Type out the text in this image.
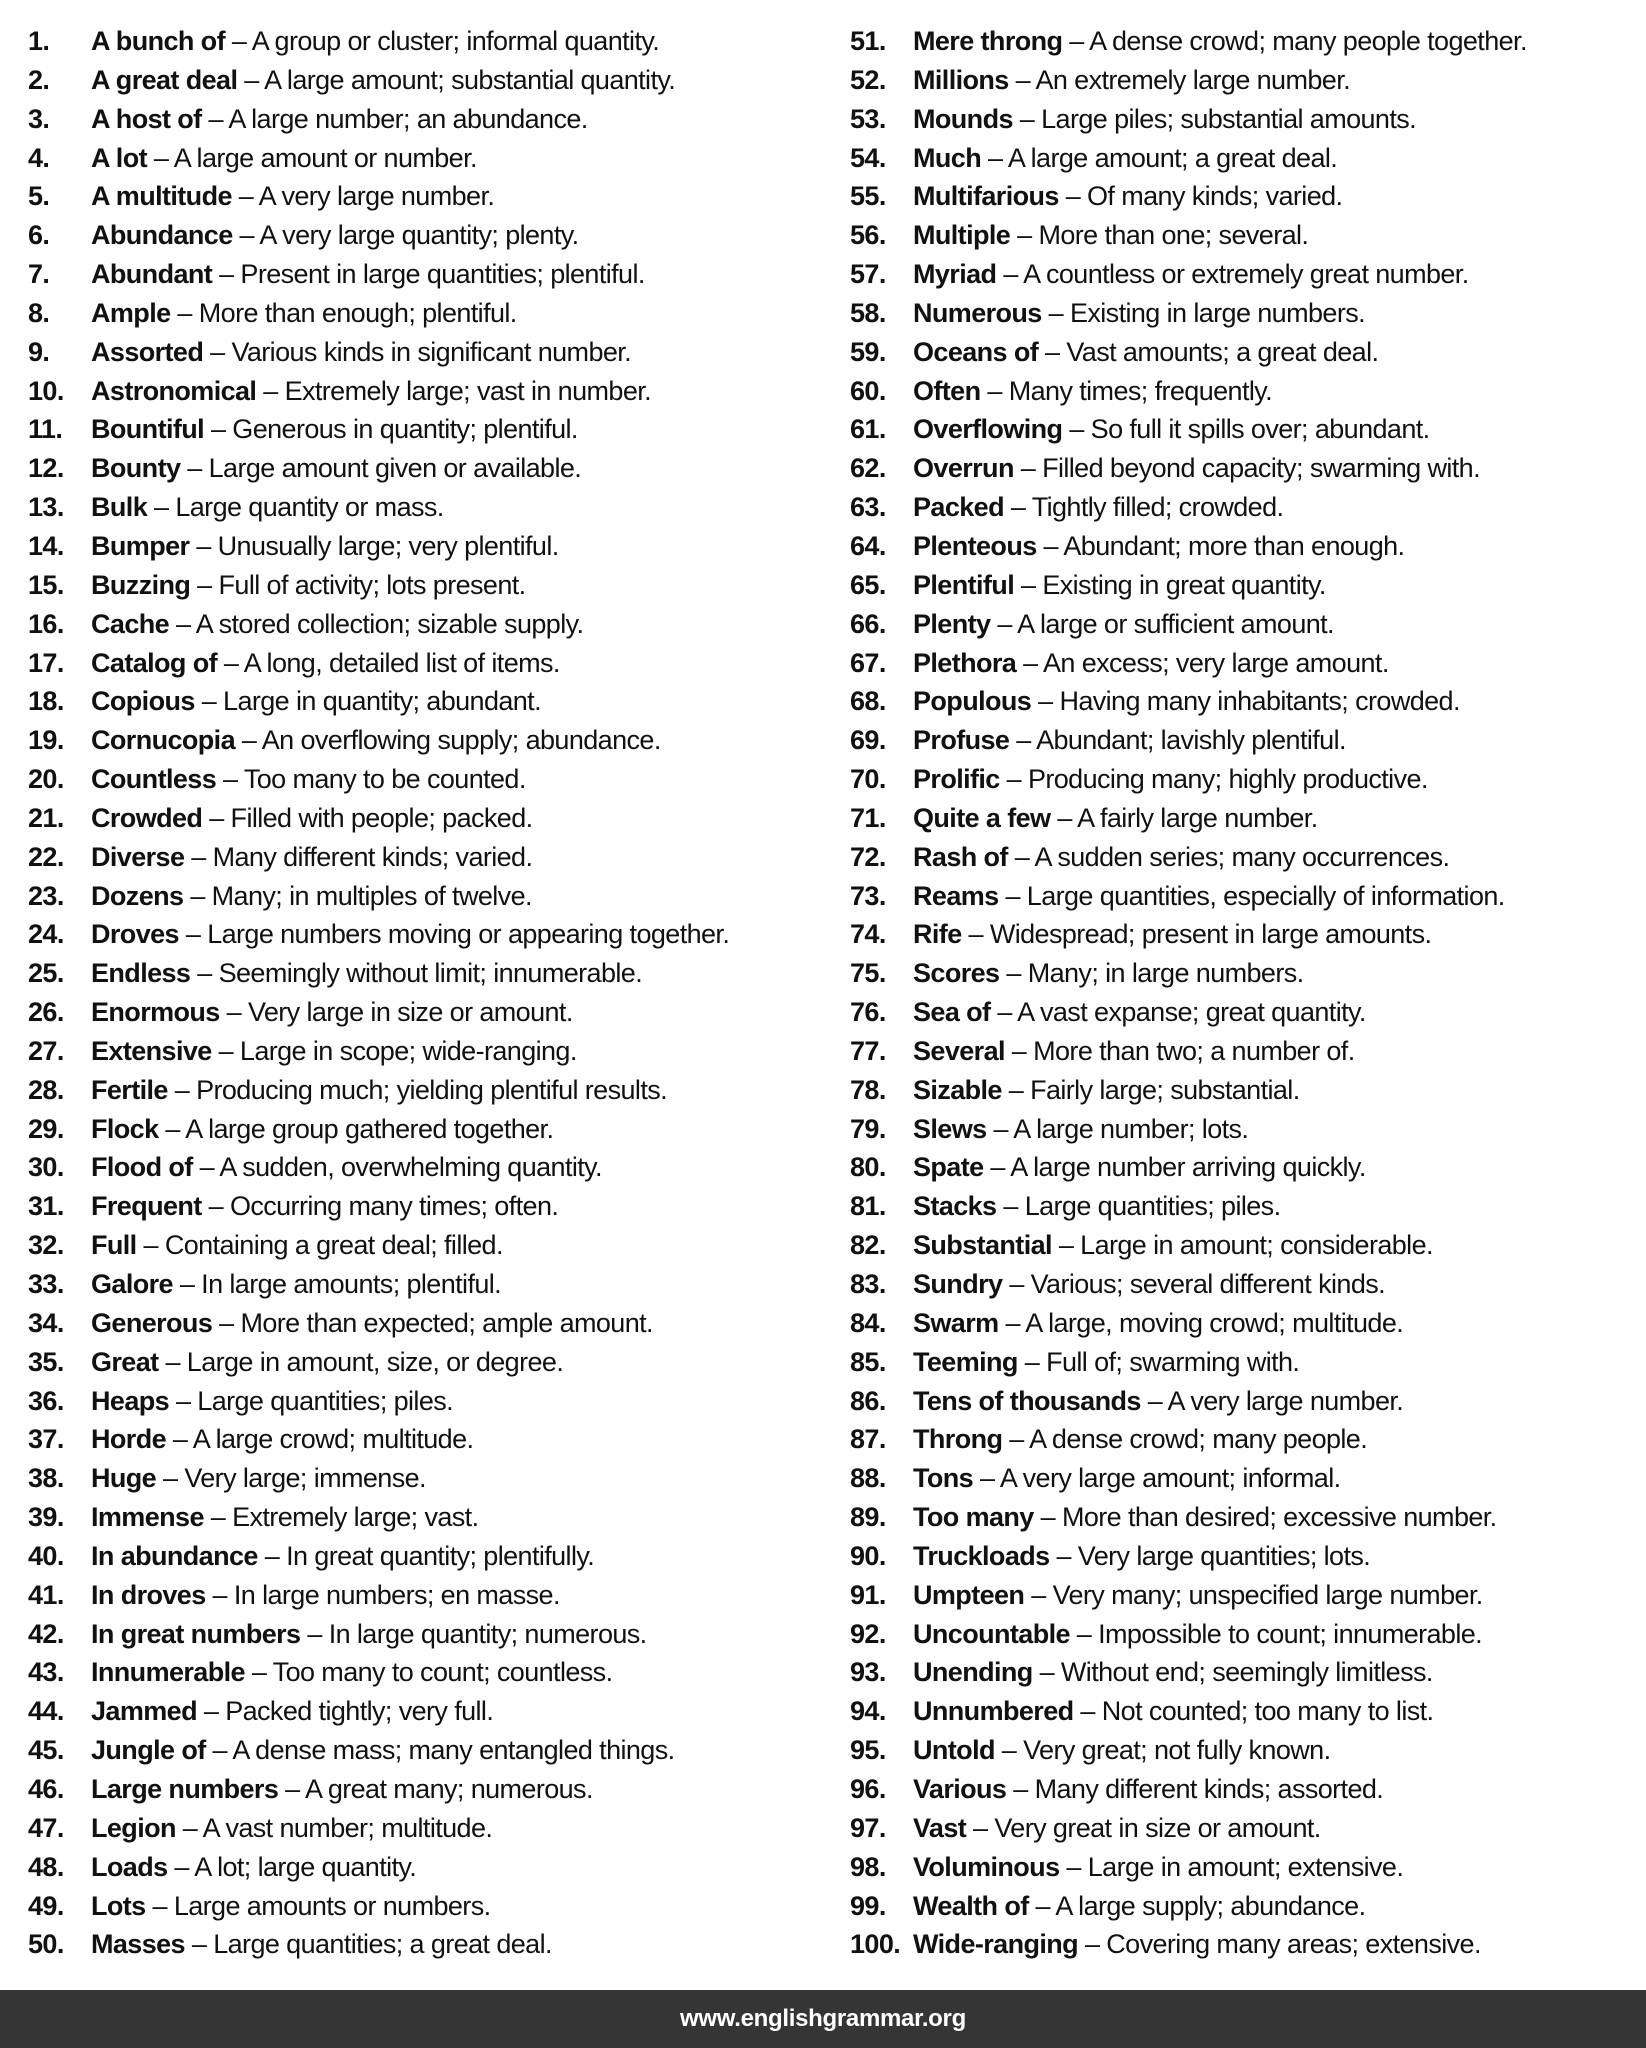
1.	A bunch of – A group or cluster; informal quantity.
2.	A great deal – A large amount; substantial quantity.
3.	A host of – A large number; an abundance.
4.	A lot – A large amount or number.
5.	A multitude – A very large number.
6.	Abundance – A very large quantity; plenty.
7.	Abundant – Present in large quantities; plentiful.
8.	Ample – More than enough; plentiful.
9.	Assorted – Various kinds in significant number.
10.	Astronomical – Extremely large; vast in number.
11.	Bountiful – Generous in quantity; plentiful.
12.	Bounty – Large amount given or available.
13.	Bulk – Large quantity or mass.
14.	Bumper – Unusually large; very plentiful.
15.	Buzzing – Full of activity; lots present.
16.	Cache – A stored collection; sizable supply.
17.	Catalog of – A long, detailed list of items.
18.	Copious – Large in quantity; abundant.
19.	Cornucopia – An overflowing supply; abundance.
20.	Countless – Too many to be counted.
21.	Crowded – Filled with people; packed.
22.	Diverse – Many different kinds; varied.
23.	Dozens – Many; in multiples of twelve.
24.	Droves – Large numbers moving or appearing together.
25.	Endless – Seemingly without limit; innumerable.
26.	Enormous – Very large in size or amount.
27.	Extensive – Large in scope; wide-ranging.
28.	Fertile – Producing much; yielding plentiful results.
29.	Flock – A large group gathered together.
30.	Flood of – A sudden, overwhelming quantity.
31.	Frequent – Occurring many times; often.
32.	Full – Containing a great deal; filled.
33.	Galore – In large amounts; plentiful.
34.	Generous – More than expected; ample amount.
35.	Great – Large in amount, size, or degree.
36.	Heaps – Large quantities; piles.
37.	Horde – A large crowd; multitude.
38.	Huge – Very large; immense.
39.	Immense – Extremely large; vast.
40.	In abundance – In great quantity; plentifully.
41.	In droves – In large numbers; en masse.
42.	In great numbers – In large quantity; numerous.
43.	Innumerable – Too many to count; countless.
44.	Jammed – Packed tightly; very full.
45.	Jungle of – A dense mass; many entangled things.
46.	Large numbers – A great many; numerous.
47.	Legion – A vast number; multitude.
48.	Loads – A lot; large quantity.
49.	Lots – Large amounts or numbers.
50.	Masses – Large quantities; a great deal.
51.	Mere throng – A dense crowd; many people together.
52.	Millions – An extremely large number.
53.	Mounds – Large piles; substantial amounts.
54.	Much – A large amount; a great deal.
55.	Multifarious – Of many kinds; varied.
56.	Multiple – More than one; several.
57.	Myriad – A countless or extremely great number.
58.	Numerous – Existing in large numbers.
59.	Oceans of – Vast amounts; a great deal.
60.	Often – Many times; frequently.
61.	Overflowing – So full it spills over; abundant.
62.	Overrun – Filled beyond capacity; swarming with.
63.	Packed – Tightly filled; crowded.
64.	Plenteous – Abundant; more than enough.
65.	Plentiful – Existing in great quantity.
66.	Plenty – A large or sufficient amount.
67.	Plethora – An excess; very large amount.
68.	Populous – Having many inhabitants; crowded.
69.	Profuse – Abundant; lavishly plentiful.
70.	Prolific – Producing many; highly productive.
71.	Quite a few – A fairly large number.
72.	Rash of – A sudden series; many occurrences.
73.	Reams – Large quantities, especially of information.
74.	Rife – Widespread; present in large amounts.
75.	Scores – Many; in large numbers.
76.	Sea of – A vast expanse; great quantity.
77.	Several – More than two; a number of.
78.	Sizable – Fairly large; substantial.
79.	Slews – A large number; lots.
80.	Spate – A large number arriving quickly.
81.	Stacks – Large quantities; piles.
82.	Substantial – Large in amount; considerable.
83.	Sundry – Various; several different kinds.
84.	Swarm – A large, moving crowd; multitude.
85.	Teeming – Full of; swarming with.
86.	Tens of thousands – A very large number.
87.	Throng – A dense crowd; many people.
88.	Tons – A very large amount; informal.
89.	Too many – More than desired; excessive number.
90.	Truckloads – Very large quantities; lots.
91.	Umpteen – Very many; unspecified large number.
92.	Uncountable – Impossible to count; innumerable.
93.	Unending – Without end; seemingly limitless.
94.	Unnumbered – Not counted; too many to list.
95.	Untold – Very great; not fully known.
96.	Various – Many different kinds; assorted.
97.	Vast – Very great in size or amount.
98.	Voluminous – Large in amount; extensive.
99.	Wealth of – A large supply; abundance.
100. Wide-ranging – Covering many areas; extensive.
www.englishgrammar.org
